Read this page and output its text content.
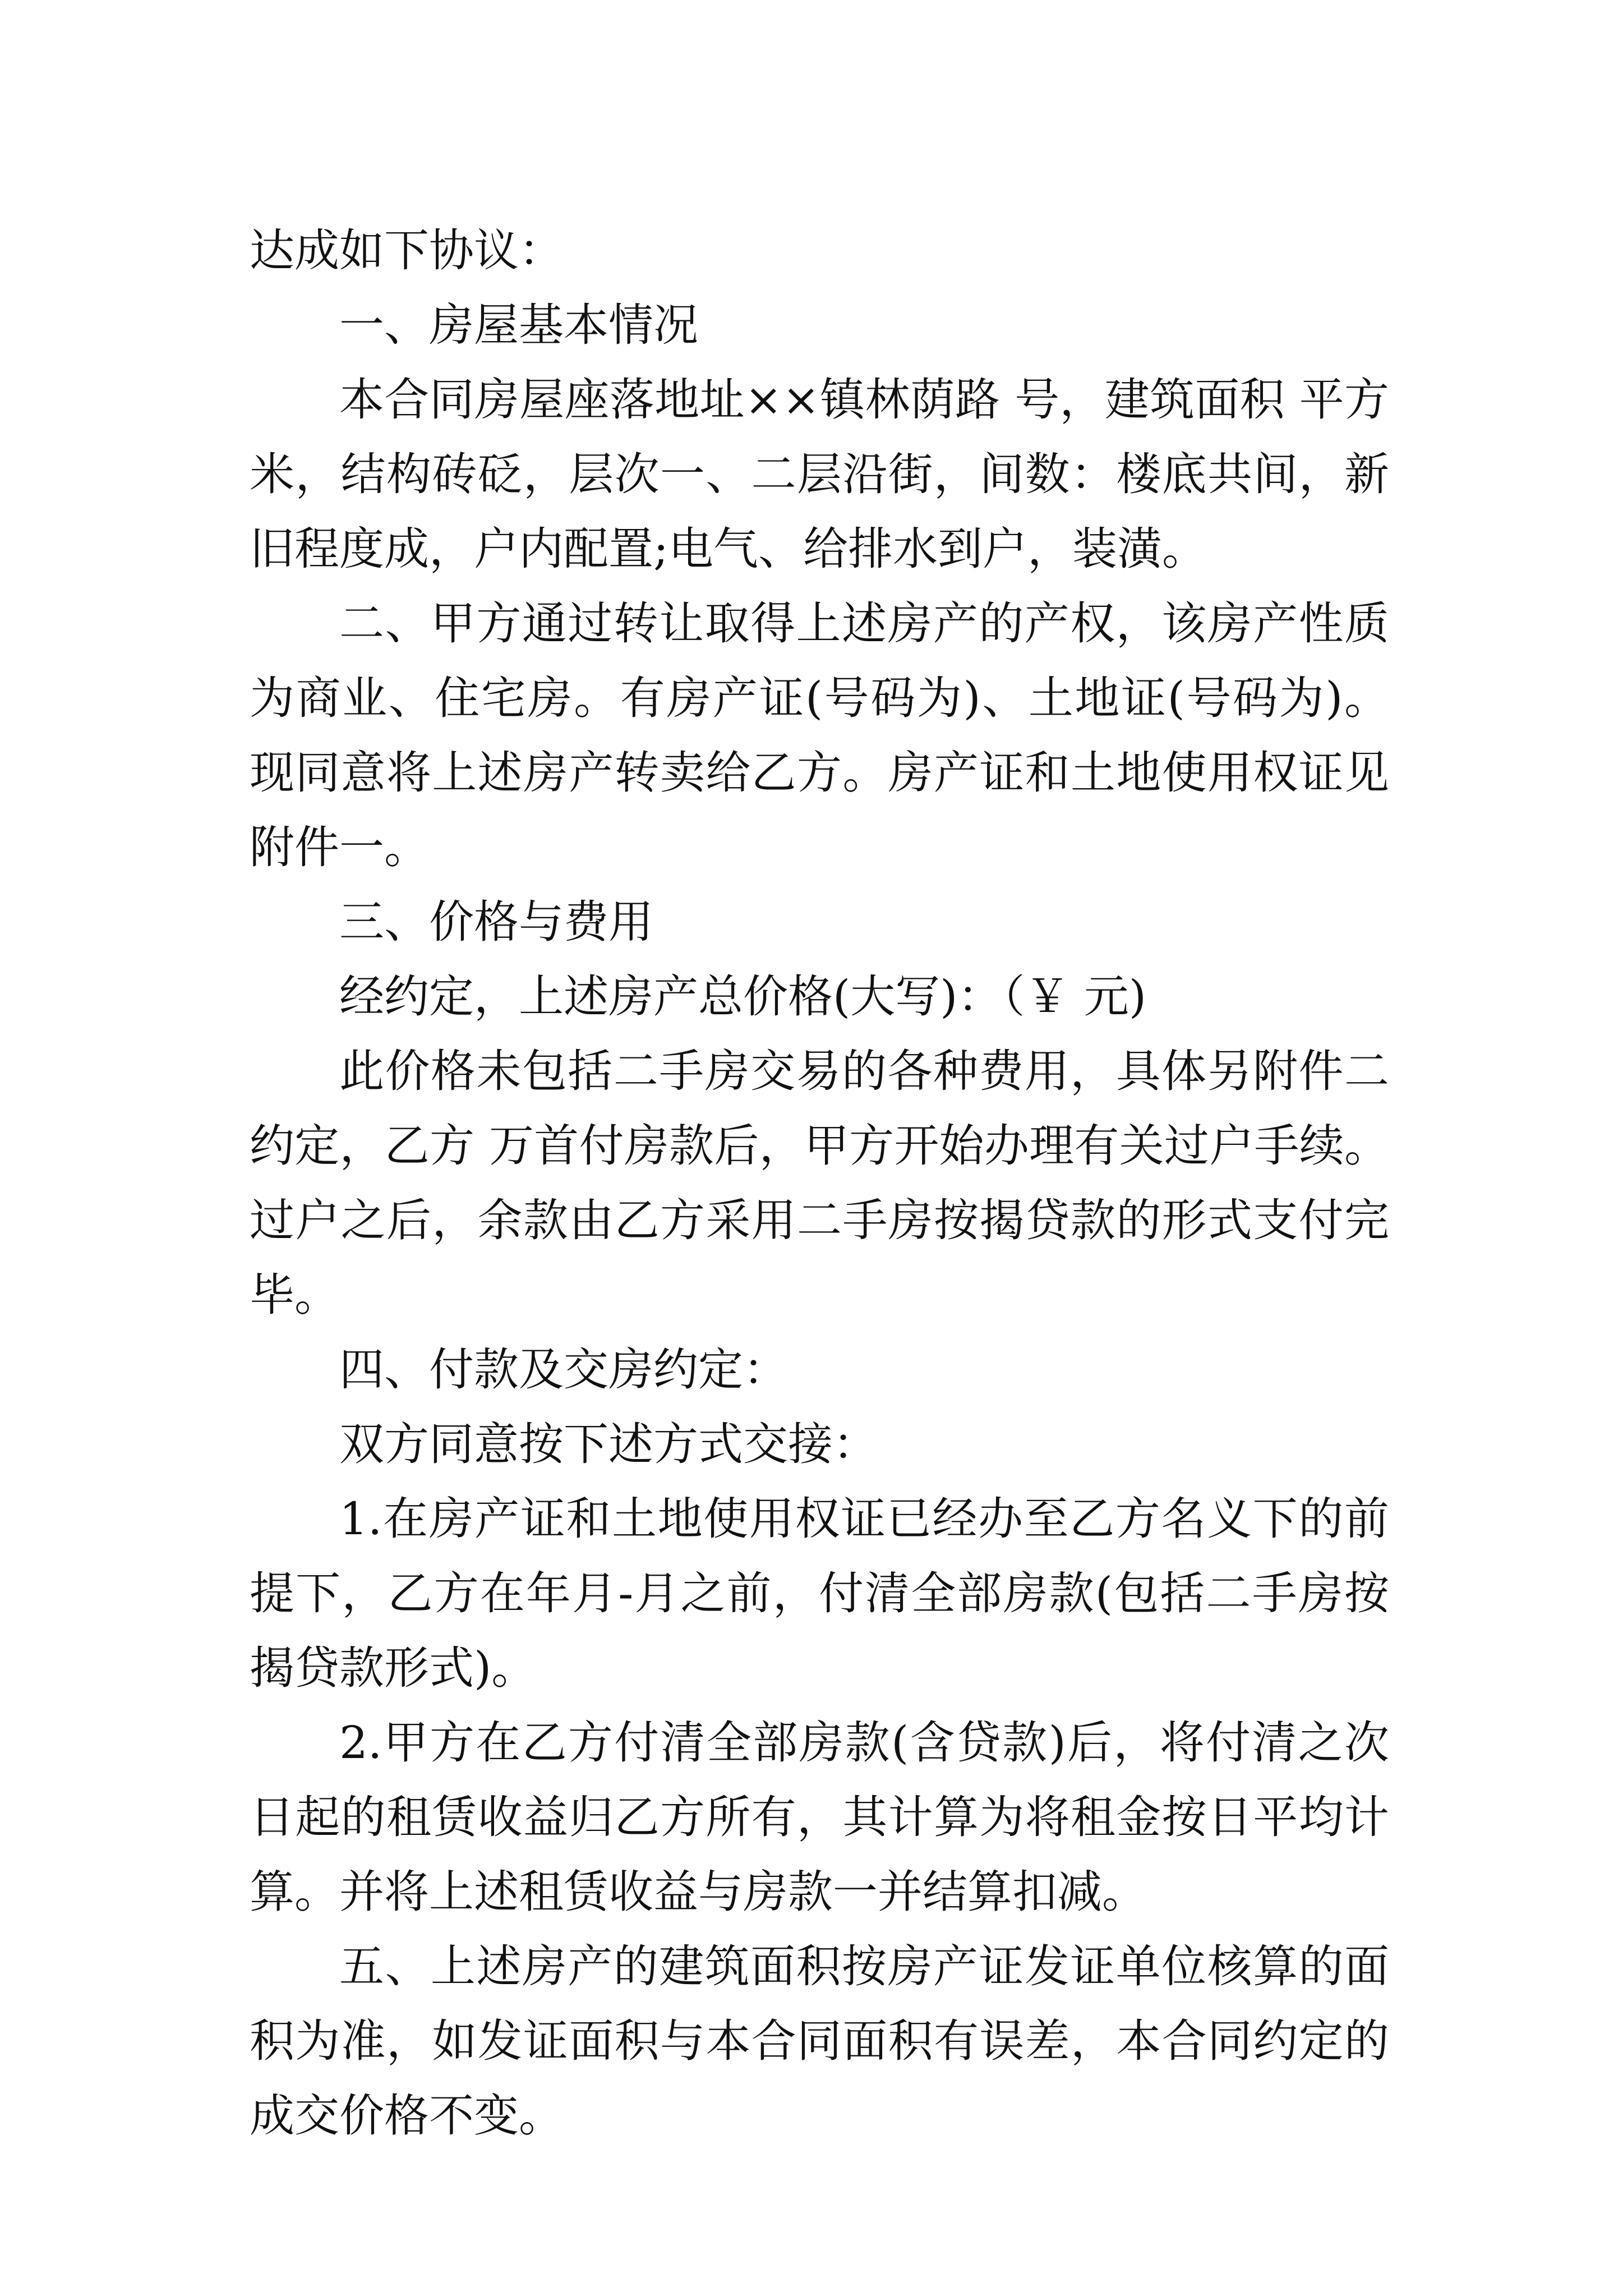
达成如下协议：

一、房屋基本情况

本合同房屋座落地址××镇林荫路 号，建筑面积 平方米，结构砖砭，层次一、二层沿街，间数：楼底共间，新旧程度成，户内配置;电气、给排水到户，装潢。

二、甲方通过转让取得上述房产的产权，该房产性质为商业、住宅房。有房产证(号码为)、土地证(号码为)。现同意将上述房产转卖给乙方。房产证和土地使用权证见附件一。

三、价格与费用

经约定，上述房产总价格(大写)：（￥ 元)

此价格未包括二手房交易的各种费用，具体另附件二约定，乙方 万首付房款后，甲方开始办理有关过户手续。过户之后，余款由乙方采用二手房按揭贷款的形式支付完毕。

四、付款及交房约定：

双方同意按下述方式交接：

1.在房产证和土地使用权证已经办至乙方名义下的前提下，乙方在年月-月之前，付清全部房款(包括二手房按揭贷款形式)。

2.甲方在乙方付清全部房款(含贷款)后，将付清之次日起的租赁收益归乙方所有，其计算为将租金按日平均计算。并将上述租赁收益与房款一并结算扣减。

五、上述房产的建筑面积按房产证发证单位核算的面积为准，如发证面积与本合同面积有误差，本合同约定的成交价格不变。
